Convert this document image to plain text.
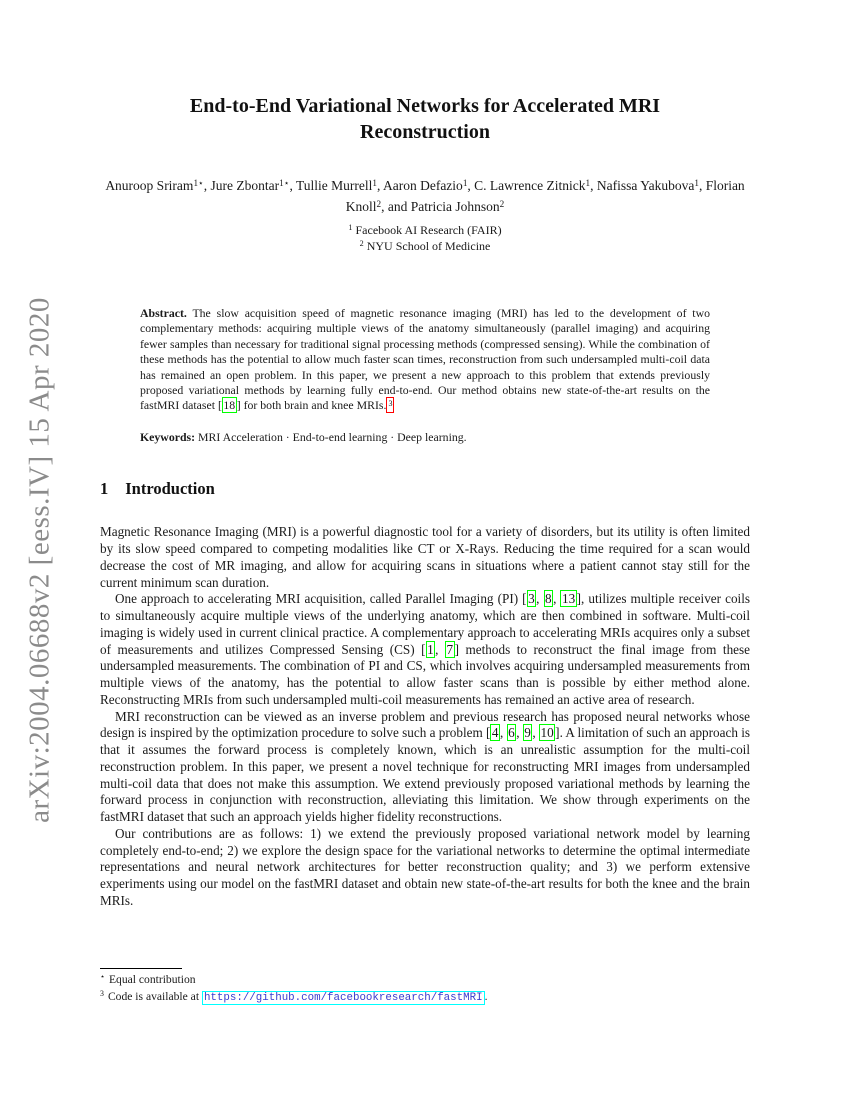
arXiv:2004.06688v2 [eess.IV] 15 Apr 2020
End-to-End Variational Networks for Accelerated MRI Reconstruction
Anuroop Sriram$^{1⋆}$, Jure Zbontar$^{1⋆}$, Tullie Murrell$^1$, Aaron Defazio$^1$, C. Lawrence Zitnick$^1$, Nafissa Yakubova$^1$, Florian Knoll$^2$, and Patricia Johnson$^2$
$^1$ Facebook AI Research (FAIR)
$^2$ NYU School of Medicine
Abstract. The slow acquisition speed of magnetic resonance imaging (MRI) has led to the development of two complementary methods: acquiring multiple views of the anatomy simultaneously (parallel imaging) and acquiring fewer samples than necessary for traditional signal processing methods (compressed sensing). While the combination of these methods has the potential to allow much faster scan times, reconstruction from such undersampled multi-coil data has remained an open problem. In this paper, we present a new approach to this problem that extends previously proposed variational methods by learning fully end-to-end. Our method obtains new state-of-the-art results on the fastMRI dataset [ 18 ] for both brain and knee MRIs. $^3$
Keywords: MRI Acceleration · End-to-end learning · Deep learning.
1 Introduction

Magnetic Resonance Imaging (MRI) is a powerful diagnostic tool for a variety of disorders, but its utility is often limited by its slow speed compared to competing modalities like CT or X-Rays. Reducing the time required for a scan would decrease the cost of MR imaging, and allow for acquiring scans in situations where a patient cannot stay still for the current minimum scan duration.

One approach to accelerating MRI acquisition, called Parallel Imaging (PI) [ 3 , 8 , 13 ], utilizes multiple receiver coils to simultaneously acquire multiple views of the underlying anatomy, which are then combined in software. Multi-coil imaging is widely used in current clinical practice. A complementary approach to accelerating MRIs acquires only a subset of measurements and utilizes Compressed Sensing (CS) [ 1 , 7 ] methods to reconstruct the final image from these undersampled measurements. The combination of PI and CS, which involves acquiring undersampled measurements from multiple views of the anatomy, has the potential to allow faster scans than is possible by either method alone. Reconstructing MRIs from such undersampled multi-coil measurements has remained an active area of research.

MRI reconstruction can be viewed as an inverse problem and previous research has proposed neural networks whose design is inspired by the optimization procedure to solve such a problem [ 4 , 6 , 9 , 10 ]. A limitation of such an approach is that it assumes the forward process is completely known, which is an unrealistic assumption for the multi-coil reconstruction problem. In this paper, we present a novel technique for reconstructing MRI images from undersampled multi-coil data that does not make this assumption. We extend previously proposed variational methods by learning the forward process in conjunction with reconstruction, alleviating this limitation. We show through experiments on the fastMRI dataset that such an approach yields higher fidelity reconstructions.

Our contributions are as follows: 1) we extend the previously proposed variational network model by learning completely end-to-end; 2) we explore the design space for the variational networks to determine the optimal intermediate representations and neural network architectures for better reconstruction quality; and 3) we perform extensive experiments using our model on the fastMRI dataset and obtain new state-of-the-art results for both the knee and the brain MRIs.

⋆ Equal contribution
$^3$ Code is available at https://github.com/facebookresearch/fastMRI .
